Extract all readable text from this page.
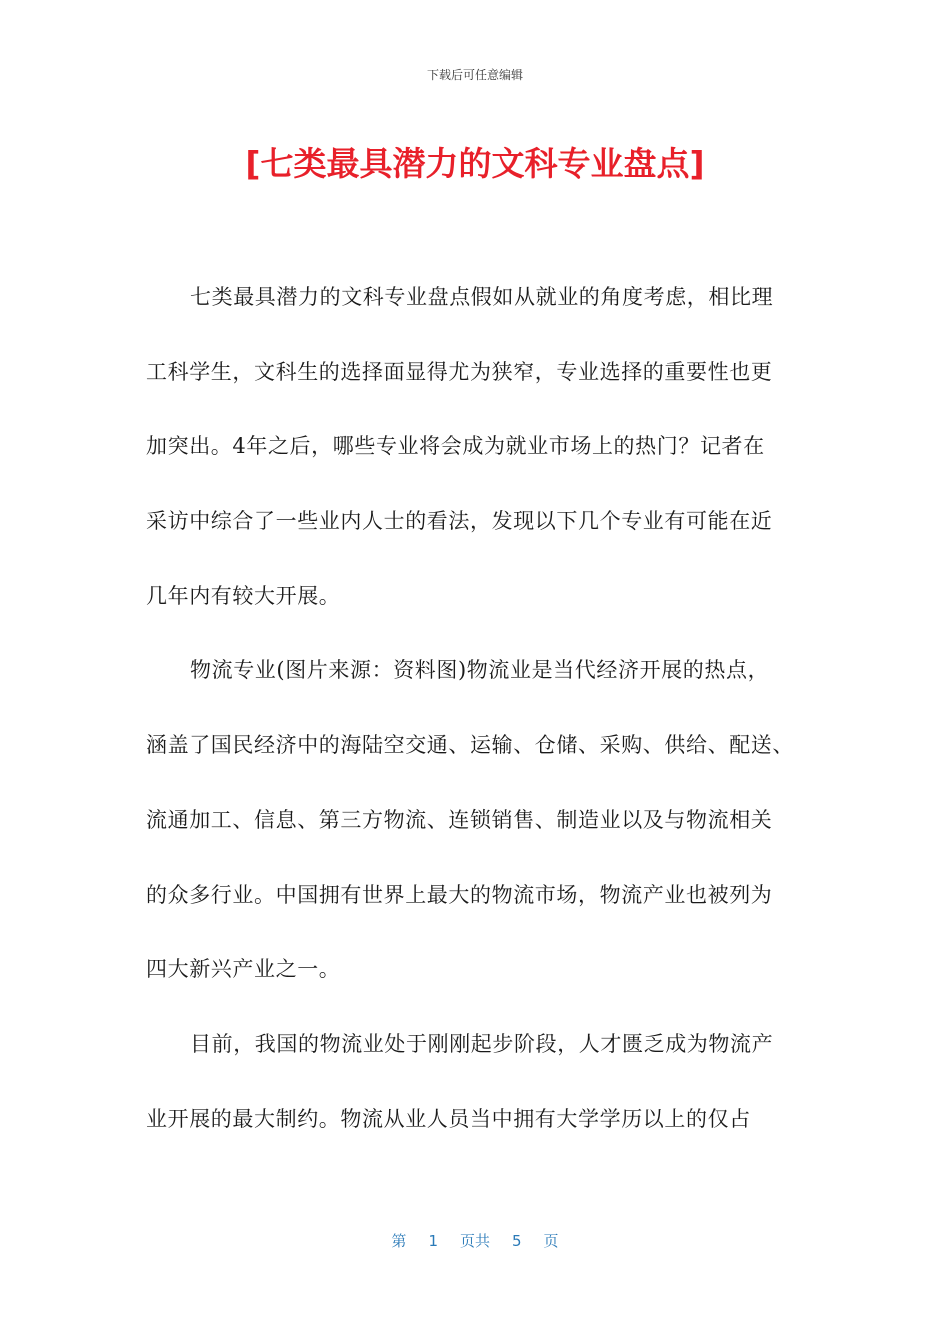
下载后可任意编辑
[七类最具潜力的文科专业盘点]
七类最具潜力的文科专业盘点假如从就业的角度考虑，相比理
工科学生，文科生的选择面显得尤为狭窄，专业选择的重要性也更
加突出。4年之后，哪些专业将会成为就业市场上的热门？记者在
采访中综合了一些业内人士的看法，发现以下几个专业有可能在近
几年内有较大开展。
物流专业(图片来源：资料图)物流业是当代经济开展的热点，
涵盖了国民经济中的海陆空交通、运输、仓储、采购、供给、配送、
流通加工、信息、第三方物流、连锁销售、制造业以及与物流相关
的众多行业。中国拥有世界上最大的物流市场，物流产业也被列为
四大新兴产业之一。
目前，我国的物流业处于刚刚起步阶段，人才匮乏成为物流产
业开展的最大制约。物流从业人员当中拥有大学学历以上的仅占
第 1 页共 5 页
